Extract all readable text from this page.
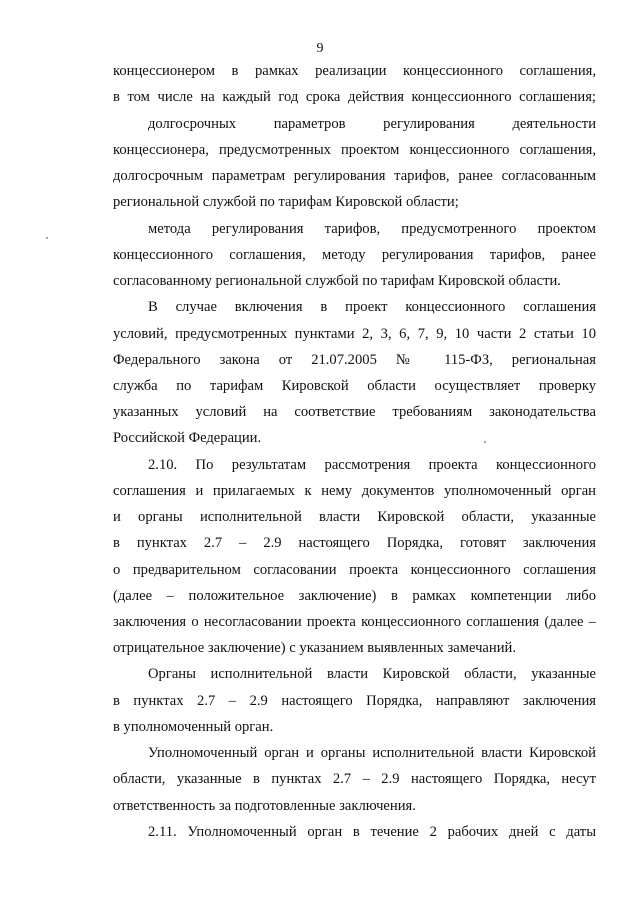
9
концессионером в рамках реализации концессионного соглашения,
в том числе на каждый год срока действия концессионного соглашения;
долгосрочных параметров регулирования деятельности
концессионера, предусмотренных проектом концессионного соглашения,
долгосрочным параметрам регулирования тарифов, ранее согласованным
региональной службой по тарифам Кировской области;
метода регулирования тарифов, предусмотренного проектом
концессионного соглашения, методу регулирования тарифов, ранее
согласованному региональной службой по тарифам Кировской области.
В случае включения в проект концессионного соглашения
условий, предусмотренных пунктами 2, 3, 6, 7, 9, 10 части 2 статьи 10
Федерального закона от 21.07.2005 № 115-ФЗ, региональная
служба по тарифам Кировской области осуществляет проверку
указанных условий на соответствие требованиям законодательства
Российской Федерации.
2.10. По результатам рассмотрения проекта концессионного
соглашения и прилагаемых к нему документов уполномоченный орган
и органы исполнительной власти Кировской области, указанные
в пунктах 2.7 – 2.9 настоящего Порядка, готовят заключения
о предварительном согласовании проекта концессионного соглашения
(далее – положительное заключение) в рамках компетенции либо
заключения о несогласовании проекта концессионного соглашения (далее –
отрицательное заключение) с указанием выявленных замечаний.
Органы исполнительной власти Кировской области, указанные
в пунктах 2.7 – 2.9 настоящего Порядка, направляют заключения
в уполномоченный орган.
Уполномоченный орган и органы исполнительной власти Кировской
области, указанные в пунктах 2.7 – 2.9 настоящего Порядка, несут
ответственность за подготовленные заключения.
2.11. Уполномоченный орган в течение 2 рабочих дней с даты
